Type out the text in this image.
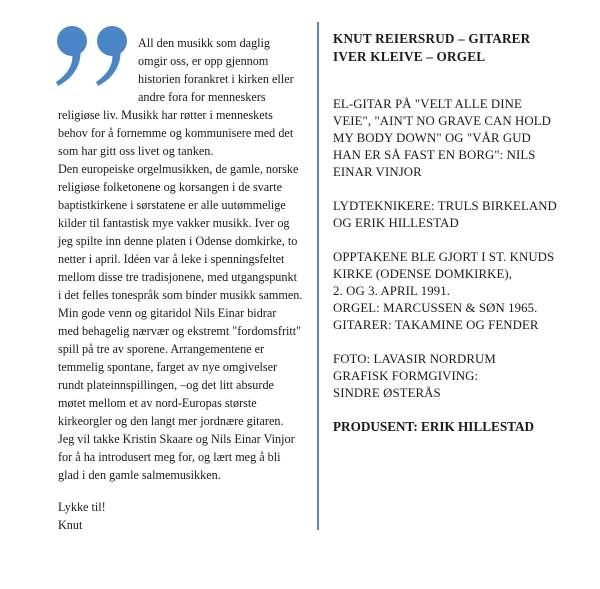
All den musikk som daglig
omgir oss, er opp gjennom
historien forankret i kirken eller
andre fora for menneskers
religiøse liv. Musikk har røtter i menneskets
behov for å fornemme og kommunisere med det
som har gitt oss livet og tanken.
Den europeiske orgelmusikken, de gamle, norske
religiøse folketonene og korsangen i de svarte
baptistkirkene i sørstatene er alle uutømmelige
kilder til fantastisk mye vakker musikk. Iver og
jeg spilte inn denne platen i Odense domkirke, to
netter i april. Idéen var å leke i spenningsfeltet
mellom disse tre tradisjonene, med utgangspunkt
i det felles tonespråk som binder musikk sammen.
Min gode venn og gitaridol Nils Einar bidrar
med behagelig nærvær og ekstremt "fordomsfritt"
spill på tre av sporene. Arrangementene er
temmelig spontane, farget av nye omgivelser
rundt plateinnspillingen, –og det litt absurde
møtet mellom et av nord-Europas største
kirkeorgler og den langt mer jordnære gitaren.
Jeg vil takke Kristin Skaare og Nils Einar Vinjor
for å ha introdusert meg for, og lært meg å bli
glad i den gamle salmemusikken.

Lykke til!
Knut
KNUT REIERSRUD – GITARER
IVER KLEIVE – ORGEL
EL-GITAR PÅ "VELT ALLE DINE
VEIE", "AIN'T NO GRAVE CAN HOLD
MY BODY DOWN" OG "VÅR GUD
HAN ER SÅ FAST EN BORG": NILS
EINAR VINJOR
LYDTEKNIKERE: TRULS BIRKELAND
OG ERIK HILLESTAD
OPPTAKENE BLE GJORT I ST. KNUDS
KIRKE (ODENSE DOMKIRKE),
2. OG 3. APRIL 1991.
ORGEL: MARCUSSEN & SØN 1965.
GITARER: TAKAMINE OG FENDER
FOTO: LAVASIR NORDRUM
GRAFISK FORMGIVING:
SINDRE ØSTERÅS
PRODUSENT: ERIK HILLESTAD
